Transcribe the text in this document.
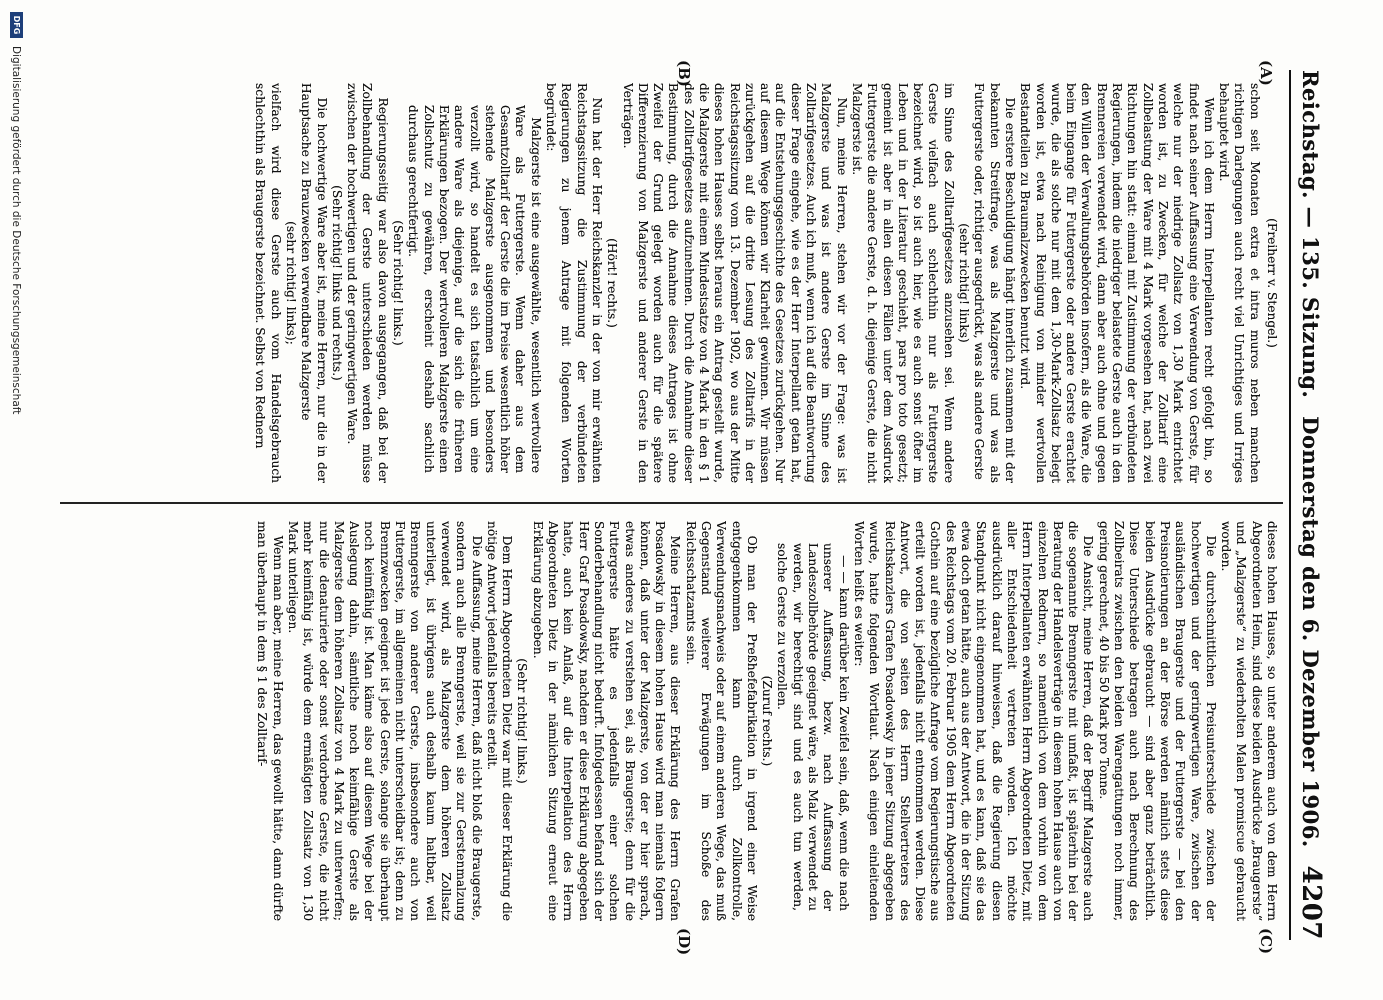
Reichstag. — 135. Sitzung.
Donnerstag den 6. Dezember 1906.
4207
(A)
(B)
(C)
(D)

(Freiherr v. Stengel.)

schon seit Monaten extra et intra muros neben manchen richtigen Darlegungen auch recht viel Unrichtiges und Irriges behauptet wird.

Wenn ich dem Herrn Interpellanten recht gefolgt bin, so findet nach seiner Auffassung eine Verwendung von Gerste, für welche nur der niedrige Zollsatz von 1,30 Mark entrichtet worden ist, zu Zwecken, für welche der Zolltarif eine Zollbelastung der Ware mit 4 Mark vorgesehen hat, nach zwei Richtungen hin statt: einmal mit Zustimmung der verbündeten Regierungen, indem die niedriger belastete Gerste auch in den Brennereien verwendet wird, dann aber auch ohne und gegen den Willen der Verwaltungsbehörden insofern, als die Ware, die beim Eingange für Futtergerste oder andere Gerste erachtet wurde, die als solche nur mit dem 1,30-Mark-Zollsatz belegt worden ist, etwa nach Reinigung von minder wertvollen Bestandteilen zu Braumalzzwecken benutzt wird.

Die erstere Beschuldigung hängt innerlich zusammen mit der bekannten Streitfrage, was als Malzgerste und was als Futtergerste oder, richtiger ausgedrückt, was als andere Gerste

(sehr richtig! links)

im Sinne des Zolltarifgesetzes anzusehen sei. Wenn andere Gerste vielfach auch schlechthin nur als Futtergerste bezeichnet wird, so ist auch hier, wie es auch sonst öfter im Leben und in der Literatur geschieht, pars pro toto gesetzt; gemeint ist aber in allen diesen Fällen unter dem Ausdruck Futtergerste die andere Gerste, d. h. diejenige Gerste, die nicht Malzgerste ist.

Nun, meine Herren, stehen wir vor der Frage: was ist Malzgerste und was ist andere Gerste im Sinne des Zolltarifgesetzes. Auch ich muß, wenn ich auf die Beantwortung dieser Frage eingehe, wie es der Herr Interpellant getan hat, auf die Entstehungsgeschichte des Gesetzes zurückgehen. Nur auf diesem Wege können wir Klarheit gewinnen. Wir müssen zurückgehen auf die dritte Lesung des Zolltarifs in der Reichstagssitzung vom 13. Dezember 1902, wo aus der Mitte dieses hohen Hauses selbst heraus ein Antrag gestellt wurde, die Malzgerste mit einem Mindestsatze von 4 Mark in den § 1 des Zolltarifgesetzes aufzunehmen. Durch die Annahme dieser Bestimmung, durch die Annahme dieses Antrages ist ohne Zweifel der Grund gelegt worden auch für die spätere Differenzierung von Malzgerste und anderer Gerste in den Verträgen.

(Hört! rechts.)

Nun hat der Herr Reichskanzler in der von mir erwähnten Reichstagssitzung die Zustimmung der verbündeten Regierungen zu jenem Antrage mit folgenden Worten begründet:

Malzgerste ist eine ausgewählte, wesentlich wertvollere Ware als Futtergerste. Wenn daher aus dem Gesamtzolltarif der Gerste die im Preise wesentlich höher stehende Malzgerste ausgenommen und besonders verzollt wird, so handelt es sich tatsächlich um eine andere Ware als diejenige, auf die sich die früheren Erklärungen bezogen. Der wertvolleren Malzgerste einen Zollschutz zu gewähren, erscheint deshalb sachlich durchaus gerechtfertigt.

(Sehr richtig! links.)

Regierungsseitig war also davon ausgegangen, daß bei der Zollbehandlung der Gerste unterschieden werden müsse zwischen der hochwertigen und der geringwertigen Ware.

(Sehr richtig! links und rechts.)

Die hochwertige Ware aber ist, meine Herren, nur die in der Hauptsache zu Brauzwecken verwendbare Malzgerste

(sehr richtig! links);

vielfach wird diese Gerste auch vom Handelsgebrauch schlechthin als Braugerste bezeichnet. Selbst von Rednern

dieses hohen Hauses, so unter anderem auch von dem Herrn Abgeordneten Heim, sind diese beiden Ausdrücke „Braugerste“ und „Malzgerste“ zu wiederholten Malen promiscue gebraucht worden.

Die durchschnittlichen Preisunterschiede zwischen der hochwertigen und der geringwertigen Ware, zwischen der ausländischen Braugerste und der Futtergerste — bei den Preisnotierungen an der Börse werden nämlich stets diese beiden Ausdrücke gebraucht — sind aber ganz beträchtlich. Diese Unterschiede betragen auch nach Berechnung des Zollbeirats zwischen den beiden Warengattungen noch immer, gering gerechnet, 40 bis 50 Mark pro Tonne.

Die Ansicht, meine Herren, daß der Begriff Malzgerste auch die sogenannte Brenngerste mit umfaßt, ist späterhin bei der Beratung der Handelsverträge in diesem hohen Hause auch von einzelnen Rednern, so namentlich von dem vorhin von dem Herrn Interpellanten erwähnten Herrn Abgeordneten Dietz, mit aller Entschiedenheit vertreten worden. Ich möchte ausdrücklich darauf hinweisen, daß die Regierung diesen Standpunkt nicht eingenommen hat, und es kann, daß sie das etwa doch getan hätte, auch aus der Antwort, die in der Sitzung des Reichstags vom 20. Februar 1905 dem Herrn Abgeordneten Gothein auf eine bezügliche Anfrage vom Regierungstische aus erteilt worden ist, jedenfalls nicht entnommen werden. Diese Antwort, die von seiten des Herrn Stellvertreters des Reichskanzlers Grafen Posadowsky in jener Sitzung abgegeben wurde, hatte folgenden Wortlaut. Nach einigen einleitenden Worten heißt es weiter:

— — kann darüber kein Zweifel sein, daß, wenn die nach unserer Auffassung, bezw. nach Auffassung der Landeszollbehörde geeignet wäre, als Malz verwendet zu werden, wir berechtigt sind und es auch tun werden, solche Gerste zu verzollen.

(Zuruf rechts.)

Ob man der Preßhefefabrikation in irgend einer Weise entgegenkommen kann durch Zollkontrolle, Verwendungsnachweis oder auf einem anderen Wege, das muß Gegenstand weiterer Erwägungen im Schoße des Reichsschatzamts sein.

Meine Herren, aus dieser Erklärung des Herrn Grafen Posadowsky in diesem hohen Hause wird man niemals folgern können, daß unter der Malzgerste, von der er hier sprach, etwas anderes zu verstehen sei, als Braugerste; denn für die Futtergerste hätte es jedenfalls einer solchen Sonderbehandlung nicht bedurft. Infolgedessen befand sich der Herr Graf Posadowsky, nachdem er diese Erklärung abgegeben hatte, auch kein Anlaß, auf die Interpellation des Herrn Abgeordneten Dietz in der nämlichen Sitzung erneut eine Erklärung abzugeben.

(Sehr richtig! links.)

Dem Herrn Abgeordneten Dietz war mit dieser Erklärung die nötige Antwort jedenfalls bereits erteilt.

Die Auffassung, meine Herren, daß nicht bloß die Braugerste, sondern auch alle Brenngerste, weil sie zur Gerstenmalzung verwendet wird, als Malzgerste dem höheren Zollsatz unterliegt, ist übrigens auch deshalb kaum haltbar, weil Brenngerste von anderer Gerste, insbesondere auch von Futtergerste, im allgemeinen nicht unterscheidbar ist; denn zu Brennzwecken geeignet ist jede Gerste, solange sie überhaupt noch keimfähig ist. Man käme also auf diesem Wege bei der Auslegung dahin, sämtliche noch keimfähige Gerste als Malzgerste dem höheren Zollsatz von 4 Mark zu unterwerfen; nur die denaturierte oder sonst verdorbene Gerste, die nicht mehr keimfähig ist, würde dem ermäßigten Zollsatz von 1,30 Mark unterliegen.

Wenn man aber, meine Herren, das gewollt hätte, dann dürfte man überhaupt in dem § 1 des Zolltarif-

DFG
Digitalisierung gefördert durch die Deutsche Forschungsgemeinschaft
